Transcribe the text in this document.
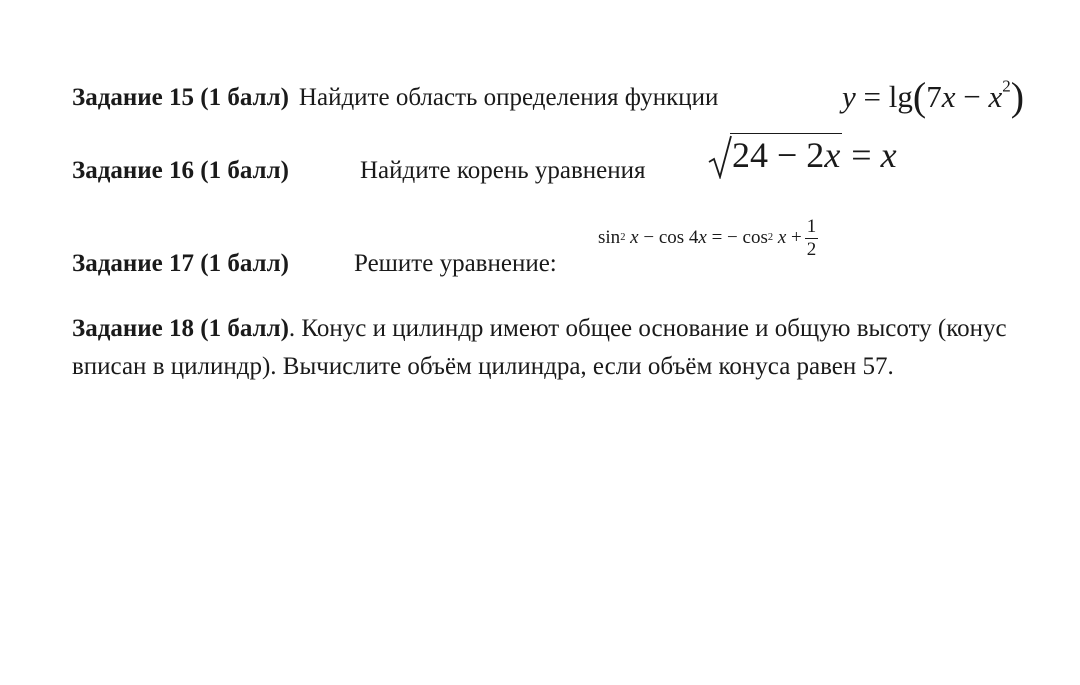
Задание 15 (1 балл) Найдите область определения функции	$y = \lg(7x - x^2)$
Задание 16 (1 балл)	Найдите корень уравнения	24 − 2x = x
Задание 17 (1 балл)	Решите уравнение:
sin 2
x
−
cos
4 x
=
−
cos 2
x
+ $\frac{1}{2}$
Задание 18 (1 балл). Конус и цилиндр имеют общее основание и общую высоту (конус вписан в цилиндр). Вычислите объём цилиндра, если объём конуса равен 57.
